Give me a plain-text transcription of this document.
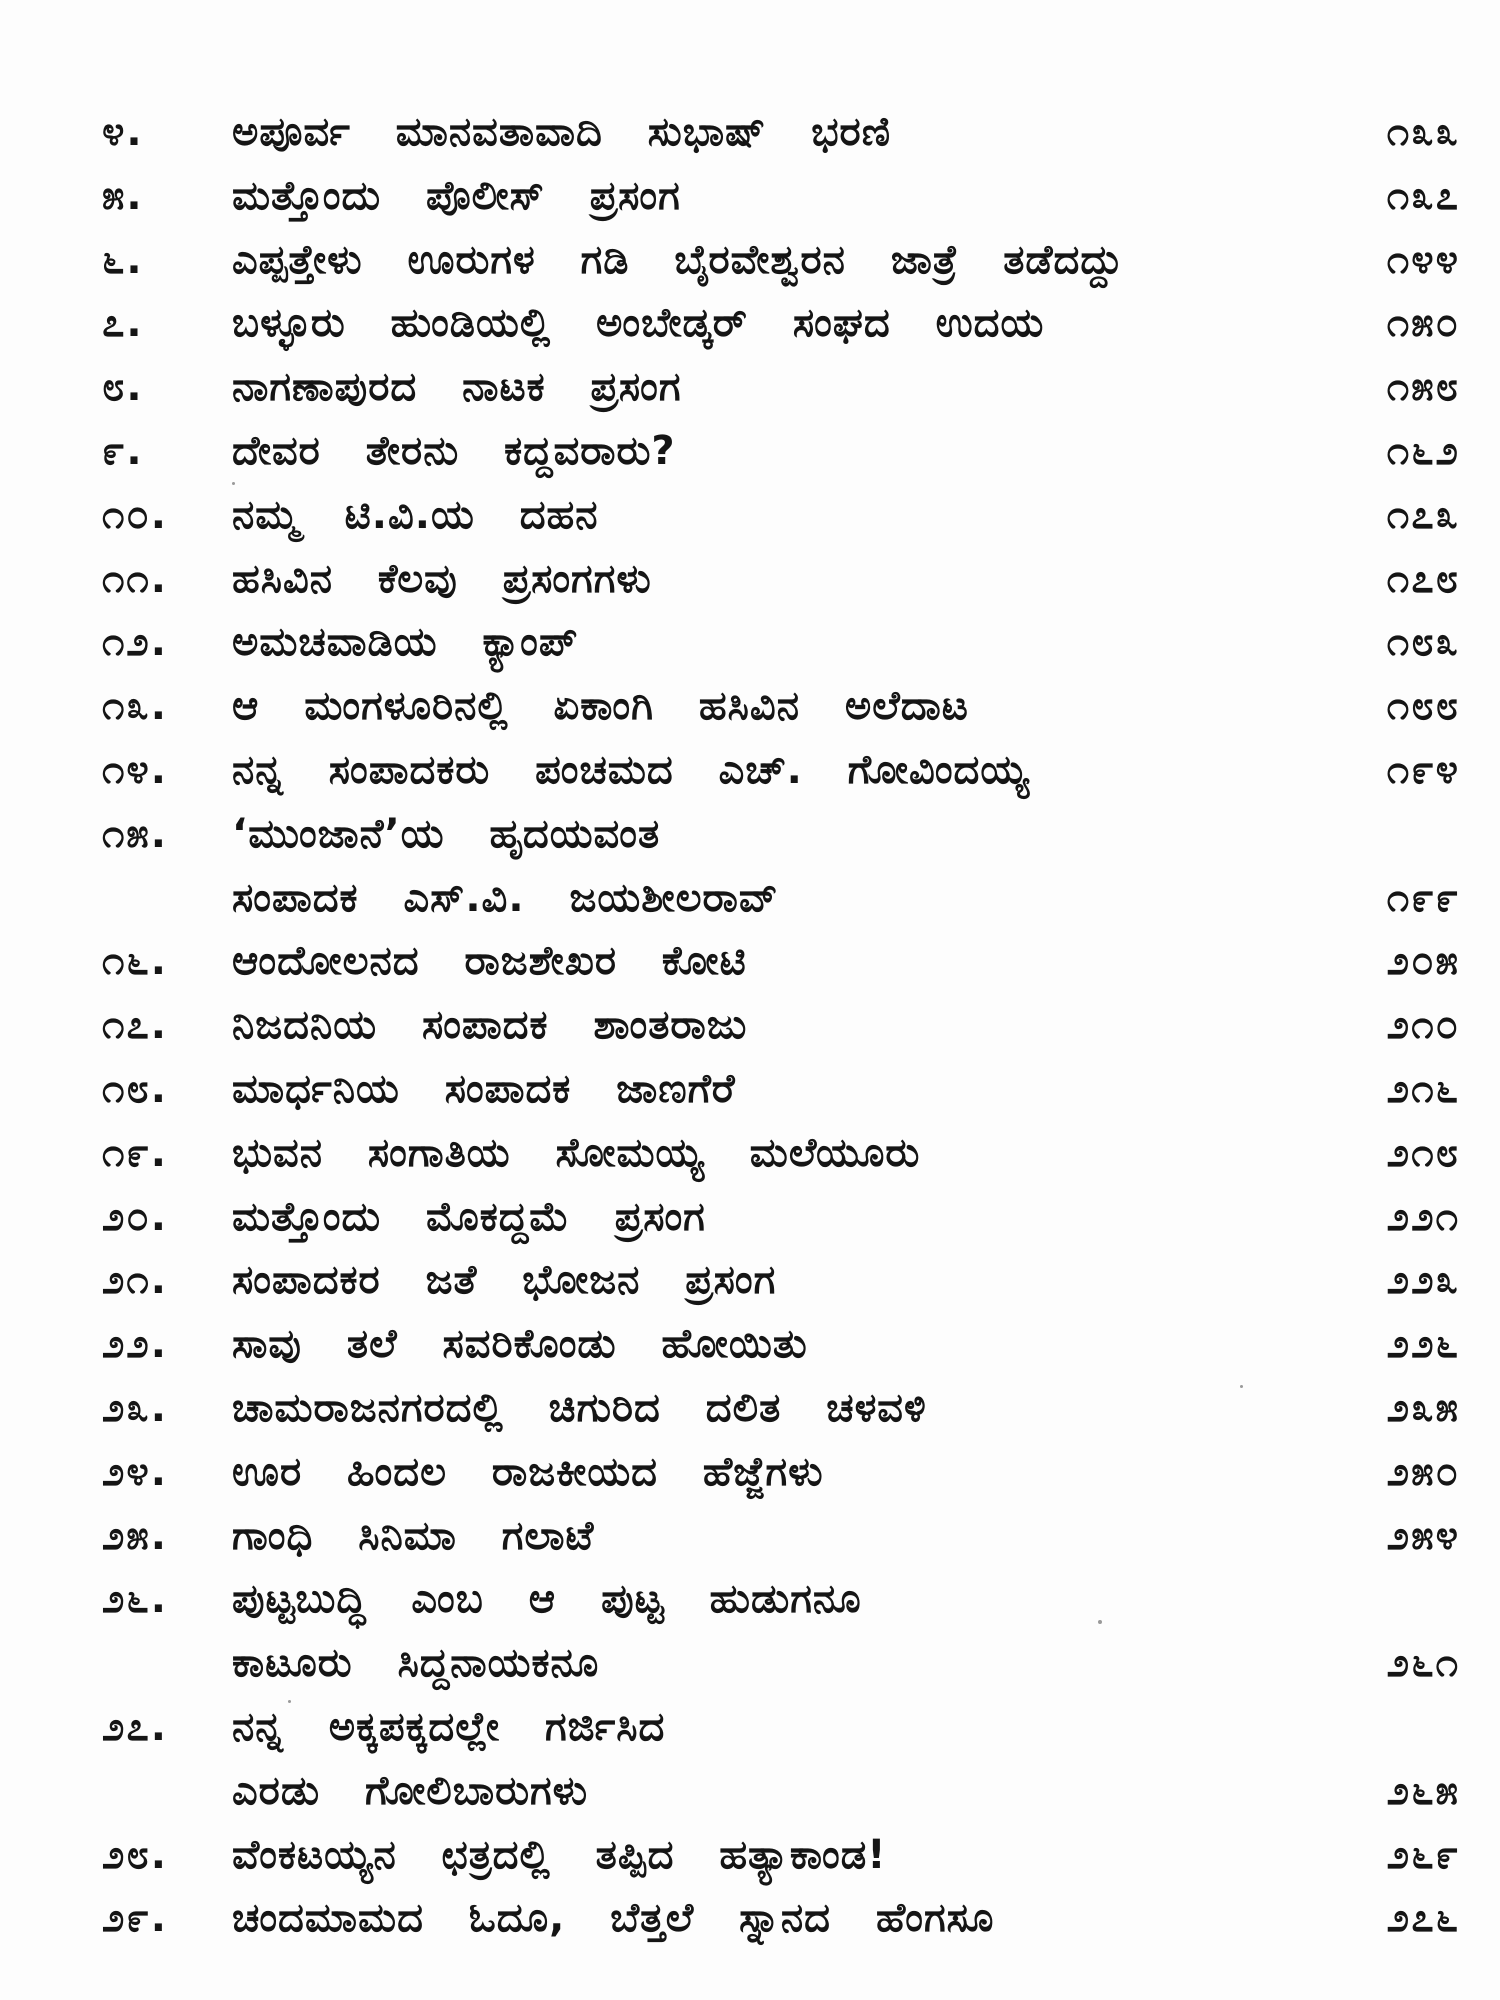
೪.	ಅಪೂರ್ವ ಮಾನವತಾವಾದಿ ಸುಭಾಷ್ ಭರಣಿ	೧೩೩
೫.	ಮತ್ತೊಂದು ಪೊಲೀಸ್ ಪ್ರಸಂಗ	೧೩೭
೬.	ಎಪ್ಪತ್ತೇಳು ಊರುಗಳ ಗಡಿ ಬೈರವೇಶ್ವರನ ಜಾತ್ರೆ ತಡೆದದ್ದು	೧೪೪
೭.	ಬಳ್ಳೂರು ಹುಂಡಿಯಲ್ಲಿ ಅಂಬೇಡ್ಕರ್ ಸಂಘದ ಉದಯ	೧೫೦
೮.	ನಾಗಣಾಪುರದ ನಾಟಕ ಪ್ರಸಂಗ	೧೫೮
೯.	ದೇವರ ತೇರನು ಕದ್ದವರಾರು?	೧೬೨
೧೦.	ನಮ್ಮ ಟಿ.ವಿ.ಯ ದಹನ	೧೭೩
೧೧.	ಹಸಿವಿನ ಕೆಲವು ಪ್ರಸಂಗಗಳು	೧೭೮
೧೨.	ಅಮಚವಾಡಿಯ ಕ್ಯಾಂಪ್	೧೮೩
೧೩.	ಆ ಮಂಗಳೂರಿನಲ್ಲಿ ಏಕಾಂಗಿ ಹಸಿವಿನ ಅಲೆದಾಟ	೧೮೮
೧೪.	ನನ್ನ ಸಂಪಾದಕರು ಪಂಚಮದ ಎಚ್. ಗೋವಿಂದಯ್ಯ	೧೯೪
೧೫.	‘ಮುಂಜಾನೆ’ಯ ಹೃದಯವಂತ
ಸಂಪಾದಕ ಎಸ್.ವಿ. ಜಯಶೀಲರಾವ್	೧೯೯
೧೬.	ಆಂದೋಲನದ ರಾಜಶೇಖರ ಕೋಟಿ	೨೦೫
೧೭.	ನಿಜದನಿಯ ಸಂಪಾದಕ ಶಾಂತರಾಜು	೨೧೦
೧೮.	ಮಾರ್ಧನಿಯ ಸಂಪಾದಕ ಜಾಣಗೆರೆ	೨೧೬
೧೯.	ಭುವನ ಸಂಗಾತಿಯ ಸೋಮಯ್ಯ ಮಲೆಯೂರು	೨೧೮
೨೦.	ಮತ್ತೊಂದು ಮೊಕದ್ದಮೆ ಪ್ರಸಂಗ	೨೨೧
೨೧.	ಸಂಪಾದಕರ ಜತೆ ಭೋಜನ ಪ್ರಸಂಗ	೨೨೩
೨೨.	ಸಾವು ತಲೆ ಸವರಿಕೊಂಡು ಹೋಯಿತು	೨೨೬
೨೩.	ಚಾಮರಾಜನಗರದಲ್ಲಿ ಚಿಗುರಿದ ದಲಿತ ಚಳವಳಿ	೨೩೫
೨೪.	ಊರ ಹಿಂದಲ ರಾಜಕೀಯದ ಹೆಜ್ಜೆಗಳು	೨೫೦
೨೫.	ಗಾಂಧಿ ಸಿನಿಮಾ ಗಲಾಟೆ	೨೫೪
೨೬.	ಪುಟ್ಟಬುದ್ಧಿ ಎಂಬ ಆ ಪುಟ್ಟ ಹುಡುಗನೂ
ಕಾಟೂರು ಸಿದ್ದನಾಯಕನೂ	೨೬೧
೨೭.	ನನ್ನ ಅಕ್ಕಪಕ್ಕದಲ್ಲೇ ಗರ್ಜಿಸಿದ
ಎರಡು ಗೋಲಿಬಾರುಗಳು	೨೬೫
೨೮.	ವೆಂಕಟಯ್ಯನ ಛತ್ರದಲ್ಲಿ ತಪ್ಪಿದ ಹತ್ಯಾಕಾಂಡ!	೨೬೯
೨೯.	ಚಂದಮಾಮದ ಓದೂ, ಬೆತ್ತಲೆ ಸ್ನಾನದ ಹೆಂಗಸೂ	೨೭೬
